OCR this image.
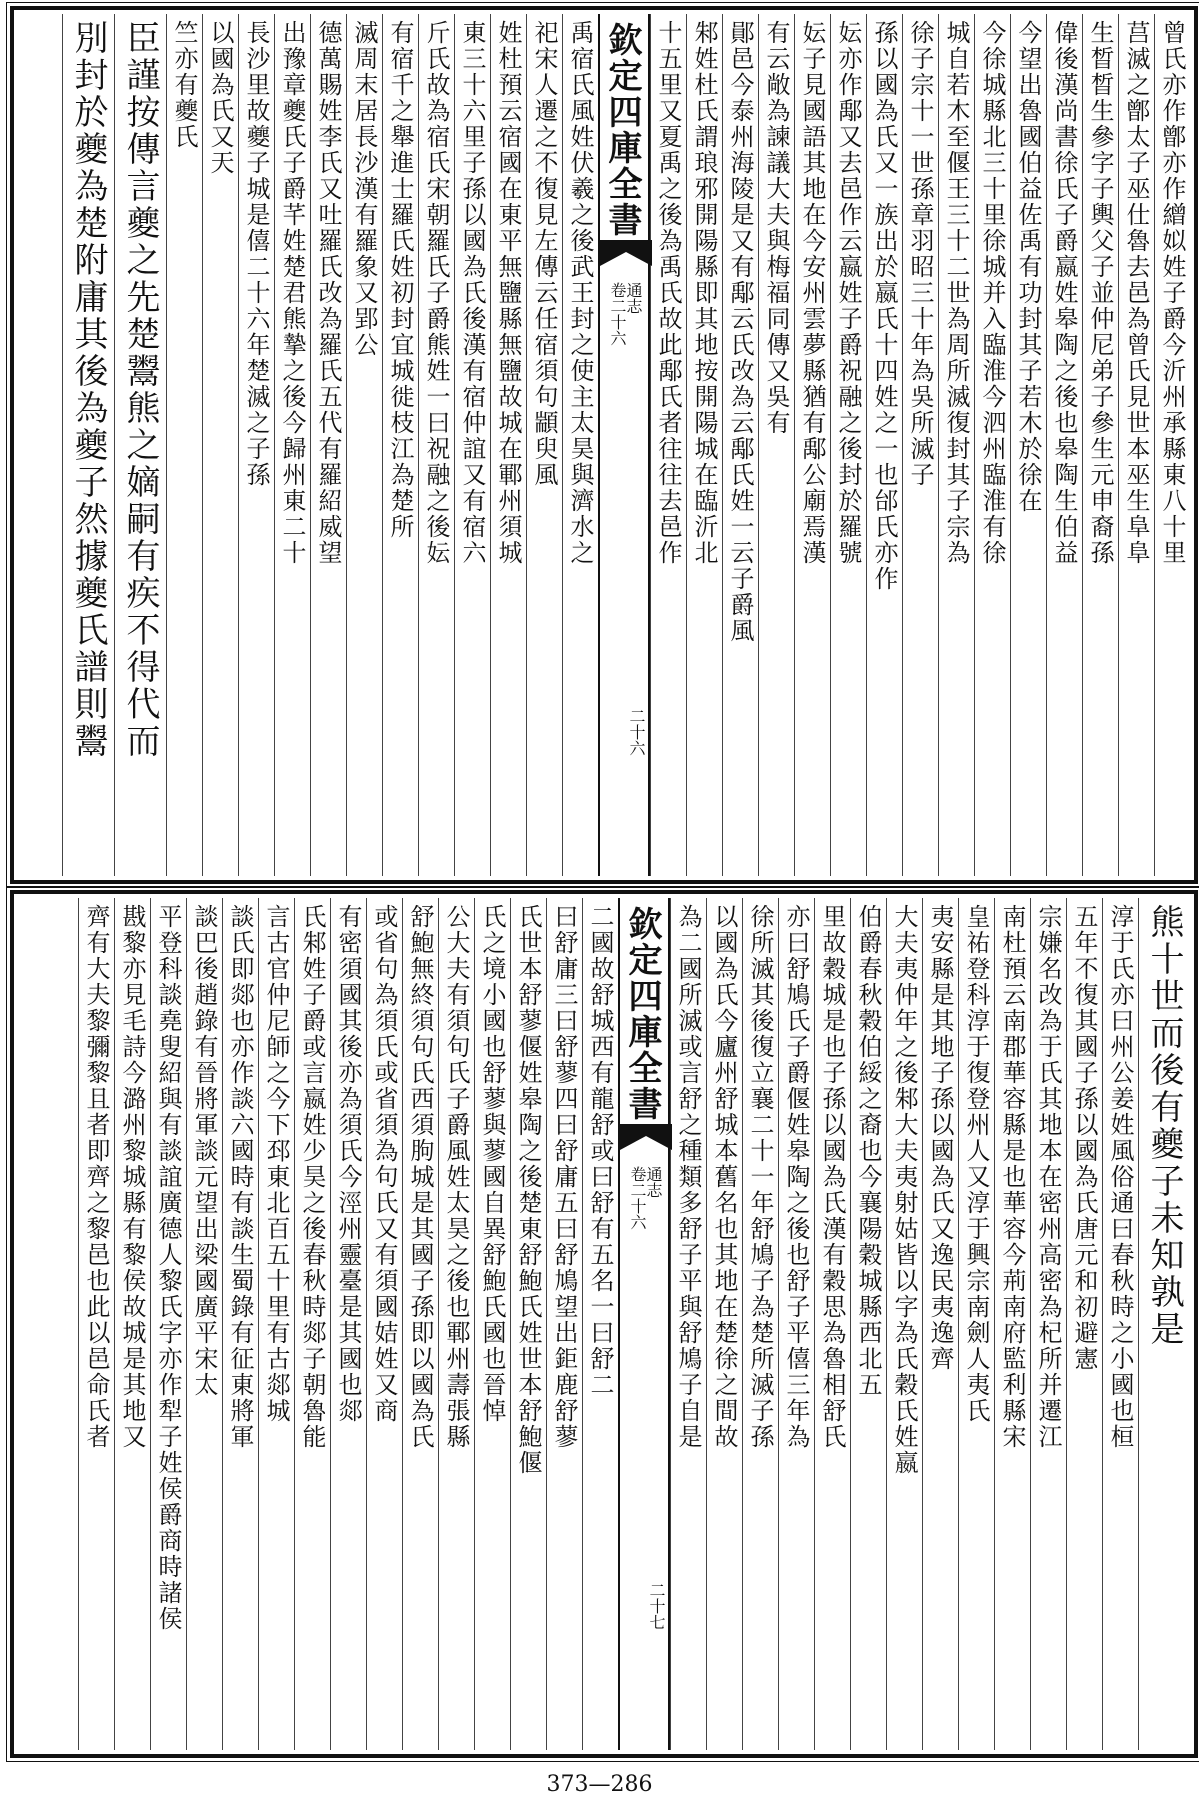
曾氏亦作鄫亦作繒姒姓子爵今沂州承縣東八十里
莒滅之鄫太子巫仕魯去邑為曾氏見世本巫生阜阜
生晳晳生參字子輿父子並仲尼弟子參生元申裔孫
偉後漢尚書徐氏子爵嬴姓皋陶之後也皋陶生伯益
今望出魯國伯益佐禹有功封其子若木於徐在
今徐城縣北三十里徐城并入臨淮今泗州臨淮有徐
城自若木至偃王三十二世為周所滅復封其子宗為
徐子宗十一世孫章羽昭三十年為吳所滅子
孫以國為氏又一族出於嬴氏十四姓之一也邰氏亦作
妘亦作鄅又去邑作云嬴姓子爵祝融之後封於羅號
妘子見國語其地在今安州雲夢縣猶有鄅公廟焉漢
有云敞為諫議大夫與梅福同傳又吳有
鄖邑今泰州海陵是又有鄅云氏改為云鄅氏姓一云子爵風
邾姓杜氏謂琅邪開陽縣即其地按開陽城在臨沂北
十五里又夏禹之後為禹氏故此鄅氏者往往去邑作
欽定四庫全書
卷二十六
通志
二十六
禹宿氏風姓伏羲之後武王封之使主太昊與濟水之
祀宋人遷之不復見左傳云任宿須句顓臾風
姓杜預云宿國在東平無鹽縣無鹽故城在鄆州須城
東三十六里子孫以國為氏後漢有宿仲誼又有宿六
斤氏故為宿氏宋朝羅氏子爵熊姓一曰祝融之後妘
有宿千之舉進士羅氏姓初封宜城徙枝江為楚所
滅周末居長沙漢有羅象又郢公
德萬賜姓李氏又吐羅氏改為羅氏五代有羅紹威望
出豫章夔氏子爵芊姓楚君熊摯之後今歸州東二十
長沙里故夔子城是僖二十六年楚滅之子孫
以國為氏又天
竺亦有夔氏
臣謹按傳言夔之先楚鬻熊之嫡嗣有疾不得代而
別封於夔為楚附庸其後為夔子然據夔氏譜則鬻
熊十世而後有夔子未知孰是
淳于氏亦曰州公姜姓風俗通曰春秋時之小國也桓
五年不復其國子孫以國為氏唐元和初避憲
宗嫌名改為于氏其地本在密州高密為杞所并遷江
南杜預云南郡華容縣是也華容今荊南府監利縣宋
皇祐登科淳于復登州人又淳于興宗南劍人夷氏
夷安縣是其地子孫以國為氏又逸民夷逸齊
大夫夷仲年之後邾大夫夷射姑皆以字為氏穀氏姓嬴
伯爵春秋穀伯綏之裔也今襄陽穀城縣西北五
里故穀城是也子孫以國為氏漢有穀思為魯相舒氏
亦曰舒鳩氏子爵偃姓皋陶之後也舒子平僖三年為
徐所滅其後復立襄二十一年舒鳩子為楚所滅子孫
以國為氏今廬州舒城本舊名也其地在楚徐之間故
為二國所滅或言舒之種類多舒子平與舒鳩子自是
欽定四庫全書
卷二十六
通志
二十七
二國故舒城西有龍舒或曰舒有五名一曰舒二
曰舒庸三曰舒蓼四曰舒庸五曰舒鳩望出鉅鹿舒蓼
氏世本舒蓼偃姓皋陶之後楚東舒鮑氏姓世本舒鮑偃
氏之境小國也舒蓼與蓼國自異舒鮑氏國也晉悼
公大夫有須句氏子爵風姓太昊之後也鄆州壽張縣
舒鮑無終須句氏西須朐城是其國子孫即以國為氏
或省句為須氏或省須為句氏又有須國姞姓又商
有密須國其後亦為須氏今涇州靈臺是其國也郯
氏邾姓子爵或言嬴姓少昊之後春秋時郯子朝魯能
言古官仲尼師之今下邳東北百五十里有古郯城
談氏即郯也亦作談六國時有談生蜀錄有征東將軍
談巴後趙錄有晉將軍談元望出梁國廣平宋太
平登科談堯叟紹與有談誼廣德人黎氏字亦作犁子姓侯爵商時諸侯
戡黎亦見毛詩今潞州黎城縣有黎侯故城是其地又
齊有大夫黎彌黎且者即齊之黎邑也此以邑命氏者
373—286
